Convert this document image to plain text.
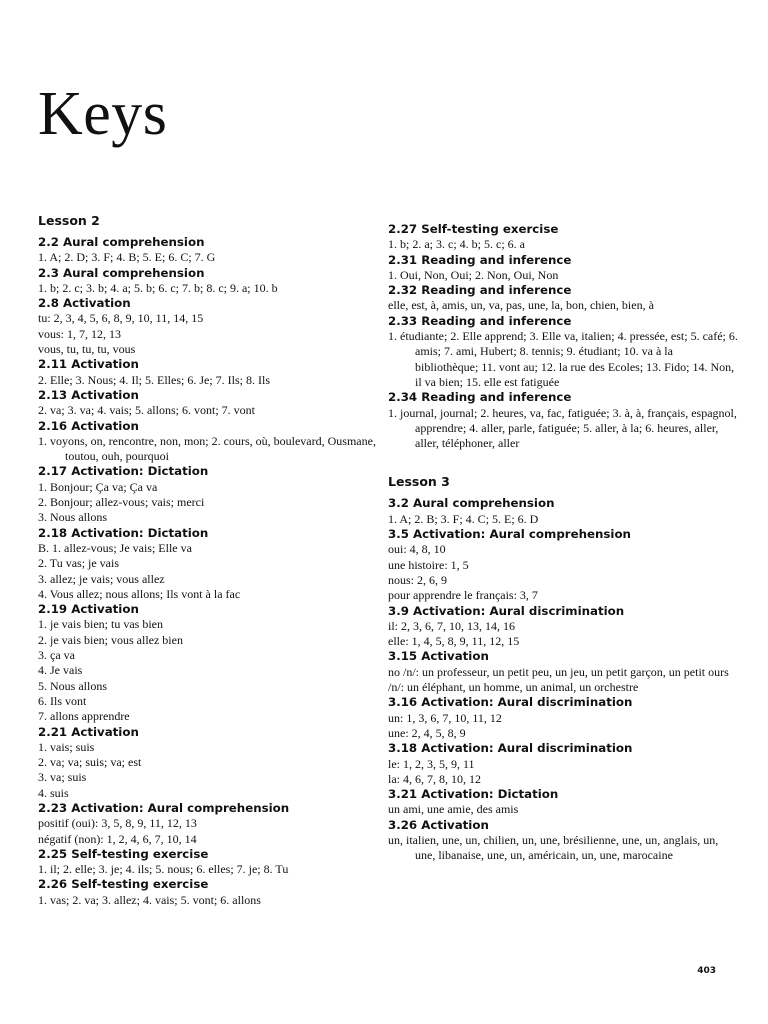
Keys
Lesson 2
2.2 Aural comprehension
1. A; 2. D; 3. F; 4. B; 5. E; 6. C; 7. G
2.3 Aural comprehension
1. b; 2. c; 3. b; 4. a; 5. b; 6. c; 7. b; 8. c; 9. a; 10. b
2.8 Activation
tu: 2, 3, 4, 5, 6, 8, 9, 10, 11, 14, 15
vous: 1, 7, 12, 13
vous, tu, tu, tu, vous
2.11 Activation
2. Elle; 3. Nous; 4. Il; 5. Elles; 6. Je; 7. Ils; 8. Ils
2.13 Activation
2. va; 3. va; 4. vais; 5. allons; 6. vont; 7. vont
2.16 Activation
1. voyons, on, rencontre, non, mon; 2. cours, où, boulevard, Ousmane, toutou, ouh, pourquoi
2.17 Activation: Dictation
1. Bonjour; Ça va; Ça va
2. Bonjour; allez-vous; vais; merci
3. Nous allons
2.18 Activation: Dictation
B. 1. allez-vous; Je vais; Elle va
2. Tu vas; je vais
3. allez; je vais; vous allez
4. Vous allez; nous allons; Ils vont à la fac
2.19 Activation
1. je vais bien; tu vas bien
2. je vais bien; vous allez bien
3. ça va
4. Je vais
5. Nous allons
6. Ils vont
7. allons apprendre
2.21 Activation
1. vais; suis
2. va; va; suis; va; est
3. va; suis
4. suis
2.23 Activation: Aural comprehension
positif (oui): 3, 5, 8, 9, 11, 12, 13
négatif (non): 1, 2, 4, 6, 7, 10, 14
2.25 Self-testing exercise
1. il; 2. elle; 3. je; 4. ils; 5. nous; 6. elles; 7. je; 8. Tu
2.26 Self-testing exercise
1. vas; 2. va; 3. allez; 4. vais; 5. vont; 6. allons
2.27 Self-testing exercise
1. b; 2. a; 3. c; 4. b; 5. c; 6. a
2.31 Reading and inference
1. Oui, Non, Oui; 2. Non, Oui, Non
2.32 Reading and inference
elle, est, à, amis, un, va, pas, une, la, bon, chien, bien, à
2.33 Reading and inference
1. étudiante; 2. Elle apprend; 3. Elle va, italien; 4. pressée, est; 5. café; 6. amis; 7. ami, Hubert; 8. tennis; 9. étudiant; 10. va à la bibliothèque; 11. vont au; 12. la rue des Ecoles; 13. Fido; 14. Non, il va bien; 15. elle est fatiguée
2.34 Reading and inference
1. journal, journal; 2. heures, va, fac, fatiguée; 3. à, à, français, espagnol, apprendre; 4. aller, parle, fatiguée; 5. aller, à la; 6. heures, aller, aller, téléphoner, aller
Lesson 3
3.2 Aural comprehension
1. A; 2. B; 3. F; 4. C; 5. E; 6. D
3.5 Activation: Aural comprehension
oui: 4, 8, 10
une histoire: 1, 5
nous: 2, 6, 9
pour apprendre le français: 3, 7
3.9 Activation: Aural discrimination
il: 2, 3, 6, 7, 10, 13, 14, 16
elle: 1, 4, 5, 8, 9, 11, 12, 15
3.15 Activation
no /n/: un professeur, un petit peu, un jeu, un petit garçon, un petit ours
/n/: un éléphant, un homme, un animal, un orchestre
3.16 Activation: Aural discrimination
un: 1, 3, 6, 7, 10, 11, 12
une: 2, 4, 5, 8, 9
3.18 Activation: Aural discrimination
le: 1, 2, 3, 5, 9, 11
la: 4, 6, 7, 8, 10, 12
3.21 Activation: Dictation
un ami, une amie, des amis
3.26 Activation
un, italien, une, un, chilien, un, une, brésilienne, une, un, anglais, un, une, libanaise, une, un, américain, un, une, marocaine
403
